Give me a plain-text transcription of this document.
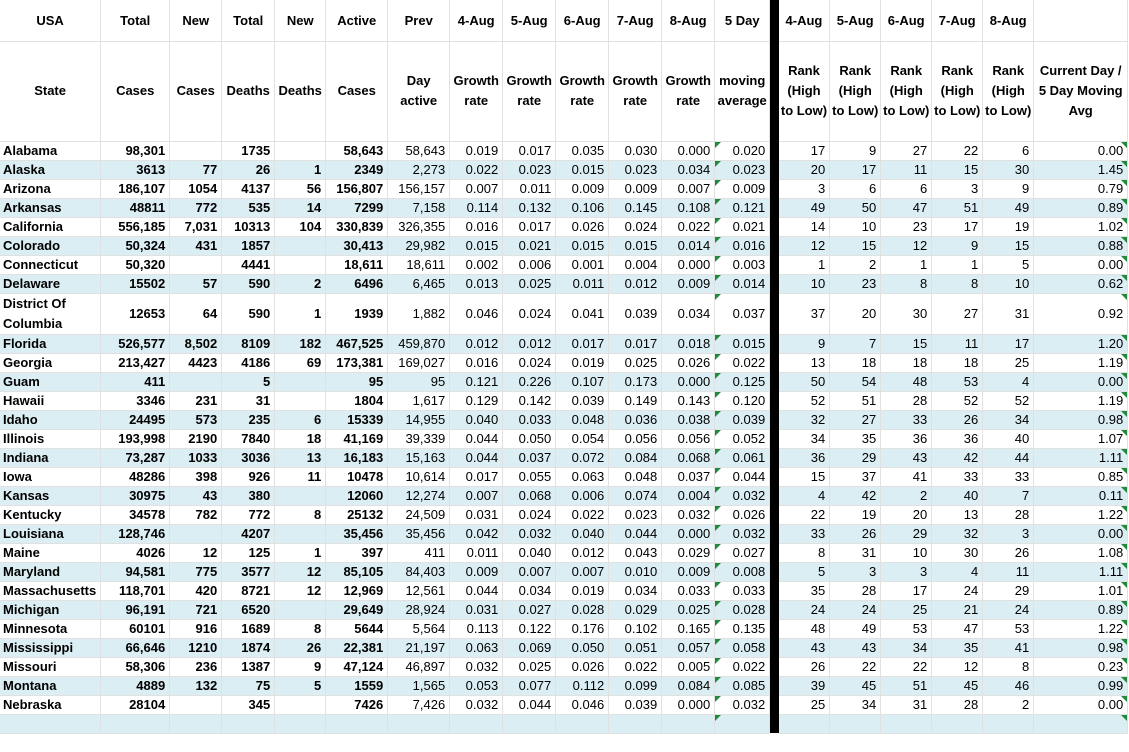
USA	Total	New	Total	New	Active	Prev	4-Aug	5-Aug	6-Aug	7-Aug	8-Aug	5 Day		4-Aug	5-Aug	6-Aug	7-Aug	8-Aug	
State	Cases	Cases	Deaths	Deaths	Cases	Day active	Growth rate	Growth rate	Growth rate	Growth rate	Growth rate	moving average		Rank (High to Low)	Rank (High to Low)	Rank (High to Low)	Rank (High to Low)	Rank (High to Low)	Current Day / 5 Day Moving Avg
Alabama	98,301		1735		58,643	58,643	0.019	0.017	0.035	0.030	0.000	0.020		17	9	27	22	6	0.00
Alaska	3613	77	26	1	2349	2,273	0.022	0.023	0.015	0.023	0.034	0.023		20	17	11	15	30	1.45
Arizona	186,107	1054	4137	56	156,807	156,157	0.007	0.011	0.009	0.009	0.007	0.009		3	6	6	3	9	0.79
Arkansas	48811	772	535	14	7299	7,158	0.114	0.132	0.106	0.145	0.108	0.121		49	50	47	51	49	0.89
California	556,185	7,031	10313	104	330,839	326,355	0.016	0.017	0.026	0.024	0.022	0.021		14	10	23	17	19	1.02
Colorado	50,324	431	1857		30,413	29,982	0.015	0.021	0.015	0.015	0.014	0.016		12	15	12	9	15	0.88
Connecticut	50,320		4441		18,611	18,611	0.002	0.006	0.001	0.004	0.000	0.003		1	2	1	1	5	0.00
Delaware	15502	57	590	2	6496	6,465	0.013	0.025	0.011	0.012	0.009	0.014		10	23	8	8	10	0.62
District Of Columbia	12653	64	590	1	1939	1,882	0.046	0.024	0.041	0.039	0.034	0.037		37	20	30	27	31	0.92
Florida	526,577	8,502	8109	182	467,525	459,870	0.012	0.012	0.017	0.017	0.018	0.015		9	7	15	11	17	1.20
Georgia	213,427	4423	4186	69	173,381	169,027	0.016	0.024	0.019	0.025	0.026	0.022		13	18	18	18	25	1.19
Guam	411		5		95	95	0.121	0.226	0.107	0.173	0.000	0.125		50	54	48	53	4	0.00
Hawaii	3346	231	31		1804	1,617	0.129	0.142	0.039	0.149	0.143	0.120		52	51	28	52	52	1.19
Idaho	24495	573	235	6	15339	14,955	0.040	0.033	0.048	0.036	0.038	0.039		32	27	33	26	34	0.98
Illinois	193,998	2190	7840	18	41,169	39,339	0.044	0.050	0.054	0.056	0.056	0.052		34	35	36	36	40	1.07
Indiana	73,287	1033	3036	13	16,183	15,163	0.044	0.037	0.072	0.084	0.068	0.061		36	29	43	42	44	1.11
Iowa	48286	398	926	11	10478	10,614	0.017	0.055	0.063	0.048	0.037	0.044		15	37	41	33	33	0.85
Kansas	30975	43	380		12060	12,274	0.007	0.068	0.006	0.074	0.004	0.032		4	42	2	40	7	0.11
Kentucky	34578	782	772	8	25132	24,509	0.031	0.024	0.022	0.023	0.032	0.026		22	19	20	13	28	1.22
Louisiana	128,746		4207		35,456	35,456	0.042	0.032	0.040	0.044	0.000	0.032		33	26	29	32	3	0.00
Maine	4026	12	125	1	397	411	0.011	0.040	0.012	0.043	0.029	0.027		8	31	10	30	26	1.08
Maryland	94,581	775	3577	12	85,105	84,403	0.009	0.007	0.007	0.010	0.009	0.008		5	3	3	4	11	1.11
Massachusetts	118,701	420	8721	12	12,969	12,561	0.044	0.034	0.019	0.034	0.033	0.033		35	28	17	24	29	1.01
Michigan	96,191	721	6520		29,649	28,924	0.031	0.027	0.028	0.029	0.025	0.028		24	24	25	21	24	0.89
Minnesota	60101	916	1689	8	5644	5,564	0.113	0.122	0.176	0.102	0.165	0.135		48	49	53	47	53	1.22
Mississippi	66,646	1210	1874	26	22,381	21,197	0.063	0.069	0.050	0.051	0.057	0.058		43	43	34	35	41	0.98
Missouri	58,306	236	1387	9	47,124	46,897	0.032	0.025	0.026	0.022	0.005	0.022		26	22	22	12	8	0.23
Montana	4889	132	75	5	1559	1,565	0.053	0.077	0.112	0.099	0.084	0.085		39	45	51	45	46	0.99
Nebraska	28104		345		7426	7,426	0.032	0.044	0.046	0.039	0.000	0.032		25	34	31	28	2	0.00
